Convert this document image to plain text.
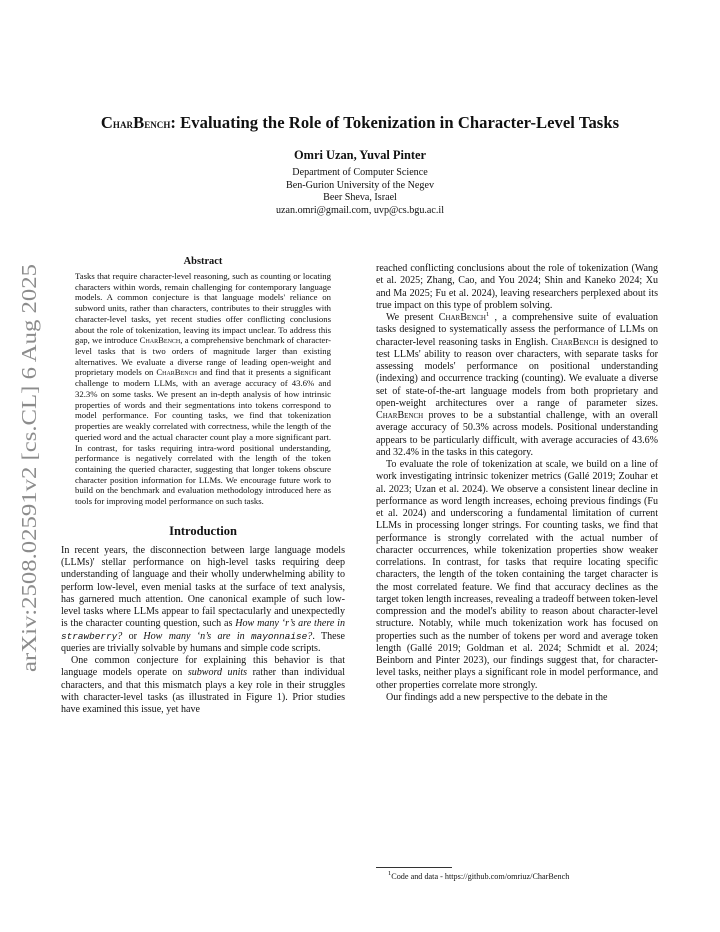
arXiv:2508.02591v2 [cs.CL] 6 Aug 2025
CharBench: Evaluating the Role of Tokenization in Character-Level Tasks
Omri Uzan, Yuval Pinter
Department of Computer Science
Ben-Gurion University of the Negev
Beer Sheva, Israel
uzan.omri@gmail.com, uvp@cs.bgu.ac.il
Abstract

Tasks that require character-level reasoning, such as counting or locating characters within words, remain challenging for contemporary language models. A common conjecture is that language models' reliance on subword units, rather than characters, contributes to their struggles with character-level tasks, yet recent studies offer conflicting conclusions about the role of tokenization, leaving its impact unclear. To address this gap, we introduce CharBench, a comprehensive benchmark of character-level tasks that is two orders of magnitude larger than existing alternatives. We evaluate a diverse range of leading open-weight and proprietary models on CharBench and find that it presents a significant challenge to modern LLMs, with an average accuracy of 43.6% and 32.3% on some tasks. We present an in-depth analysis of how intrinsic properties of words and their segmentations into tokens correspond to model performance. For counting tasks, we find that tokenization properties are weakly correlated with correctness, while the length of the queried word and the actual character count play a more significant part. In contrast, for tasks requiring intra-word positional understanding, performance is negatively correlated with the length of the token containing the queried character, suggesting that longer tokens obscure character position information for LLMs. We encourage future work to build on the benchmark and evaluation methodology introduced here as tools for improving model performance on such tasks.

Introduction

In recent years, the disconnection between large language models (LLMs)' stellar performance on high-level tasks requiring deep understanding of language and their wholly underwhelming ability to perform low-level, even menial tasks at the surface of text analysis, has garnered much attention. One canonical example of such low-level tasks where LLMs appear to fail spectacularly and unexpectedly is the character counting question, such as How many ‘r’s are there in strawberry? or How many ‘n’s are in mayonnaise?. These queries are trivially solvable by humans and simple code scripts.

One common conjecture for explaining this behavior is that language models operate on subword units rather than individual characters, and that this mismatch plays a key role in their struggles with character-level tasks (as illustrated in Figure 1). Prior studies have examined this issue, yet have

reached conflicting conclusions about the role of tokenization (Wang et al. 2025; Zhang, Cao, and You 2024; Shin and Kaneko 2024; Xu and Ma 2025; Fu et al. 2024), leaving researchers perplexed about its true impact on this type of problem solving.

We present CharBench$^1$ , a comprehensive suite of evaluation tasks designed to systematically assess the performance of LLMs on character-level reasoning tasks in English. CharBench is designed to test LLMs' ability to reason over characters, with separate tasks for assessing models' performance on positional understanding (indexing) and occurrence tracking (counting). We evaluate a diverse set of state-of-the-art language models from both proprietary and open-weight architectures over a range of parameter sizes. CharBench proves to be a substantial challenge, with an overall average accuracy of 50.3% across models. Positional understanding appears to be particularly difficult, with average accuracies of 43.6% and 32.4% in the tasks in this category.

To evaluate the role of tokenization at scale, we build on a line of work investigating intrinsic tokenizer metrics (Gallé 2019; Zouhar et al. 2023; Uzan et al. 2024). We observe a consistent linear decline in performance as word length increases, echoing previous findings (Fu et al. 2024) and underscoring a fundamental limitation of current LLMs in processing longer strings. For counting tasks, we find that performance is strongly correlated with the actual number of character occurrences, while tokenization properties show weaker correlations. In contrast, for tasks that require locating specific characters, the length of the token containing the target character is the most correlated feature. We find that accuracy declines as the target token length increases, revealing a tradeoff between token-level compression and the model's ability to reason about character-level structure. Notably, while much tokenization work has focused on properties such as the number of tokens per word and average token length (Gallé 2019; Goldman et al. 2024; Schmidt et al. 2024; Beinborn and Pinter 2023), our findings suggest that, for character-level tasks, neither plays a significant role in model performance, and other properties correlate more strongly.

Our findings add a new perspective to the debate in the

$^1$Code and data - https://github.com/omriuz/CharBench
